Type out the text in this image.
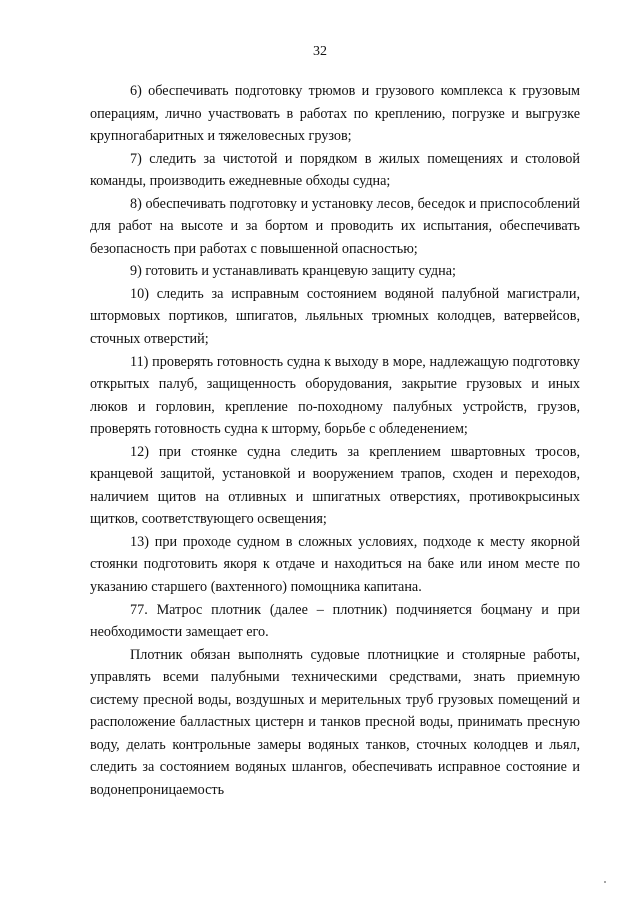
32

6) обеспечивать подготовку трюмов и грузового комплекса к грузовым операциям, лично участвовать в работах по креплению, погрузке и выгрузке крупногабаритных и тяжеловесных грузов;

7) следить за чистотой и порядком в жилых помещениях и столовой команды, производить ежедневные обходы судна;

8) обеспечивать подготовку и установку лесов, беседок и приспособлений для работ на высоте и за бортом и проводить их испытания, обеспечивать безопасность при работах с повышенной опасностью;

9) готовить и устанавливать кранцевую защиту судна;

10) следить за исправным состоянием водяной палубной магистрали, штормовых портиков, шпигатов, льяльных трюмных колодцев, ватервейсов, сточных отверстий;

11) проверять готовность судна к выходу в море, надлежащую подготовку открытых палуб, защищенность оборудования, закрытие грузовых и иных люков и горловин, крепление по-походному палубных устройств, грузов, проверять готовность судна к шторму, борьбе с обледенением;

12) при стоянке судна следить за креплением швартовных тросов, кранцевой защитой, установкой и вооружением трапов, сходен и переходов, наличием щитов на отливных и шпигатных отверстиях, противокрысиных щитков, соответствующего освещения;

13) при проходе судном в сложных условиях, подходе к месту якорной стоянки подготовить якоря к отдаче и находиться на баке или ином месте по указанию старшего (вахтенного) помощника капитана.

77. Матрос плотник (далее – плотник) подчиняется боцману и при необходимости замещает его.

Плотник обязан выполнять судовые плотницкие и столярные работы, управлять всеми палубными техническими средствами, знать приемную систему пресной воды, воздушных и мерительных труб грузовых помещений и расположение балластных цистерн и танков пресной воды, принимать пресную воду, делать контрольные замеры водяных танков, сточных колодцев и льял, следить за состоянием водяных шлангов, обеспечивать исправное состояние и водонепроницаемость
